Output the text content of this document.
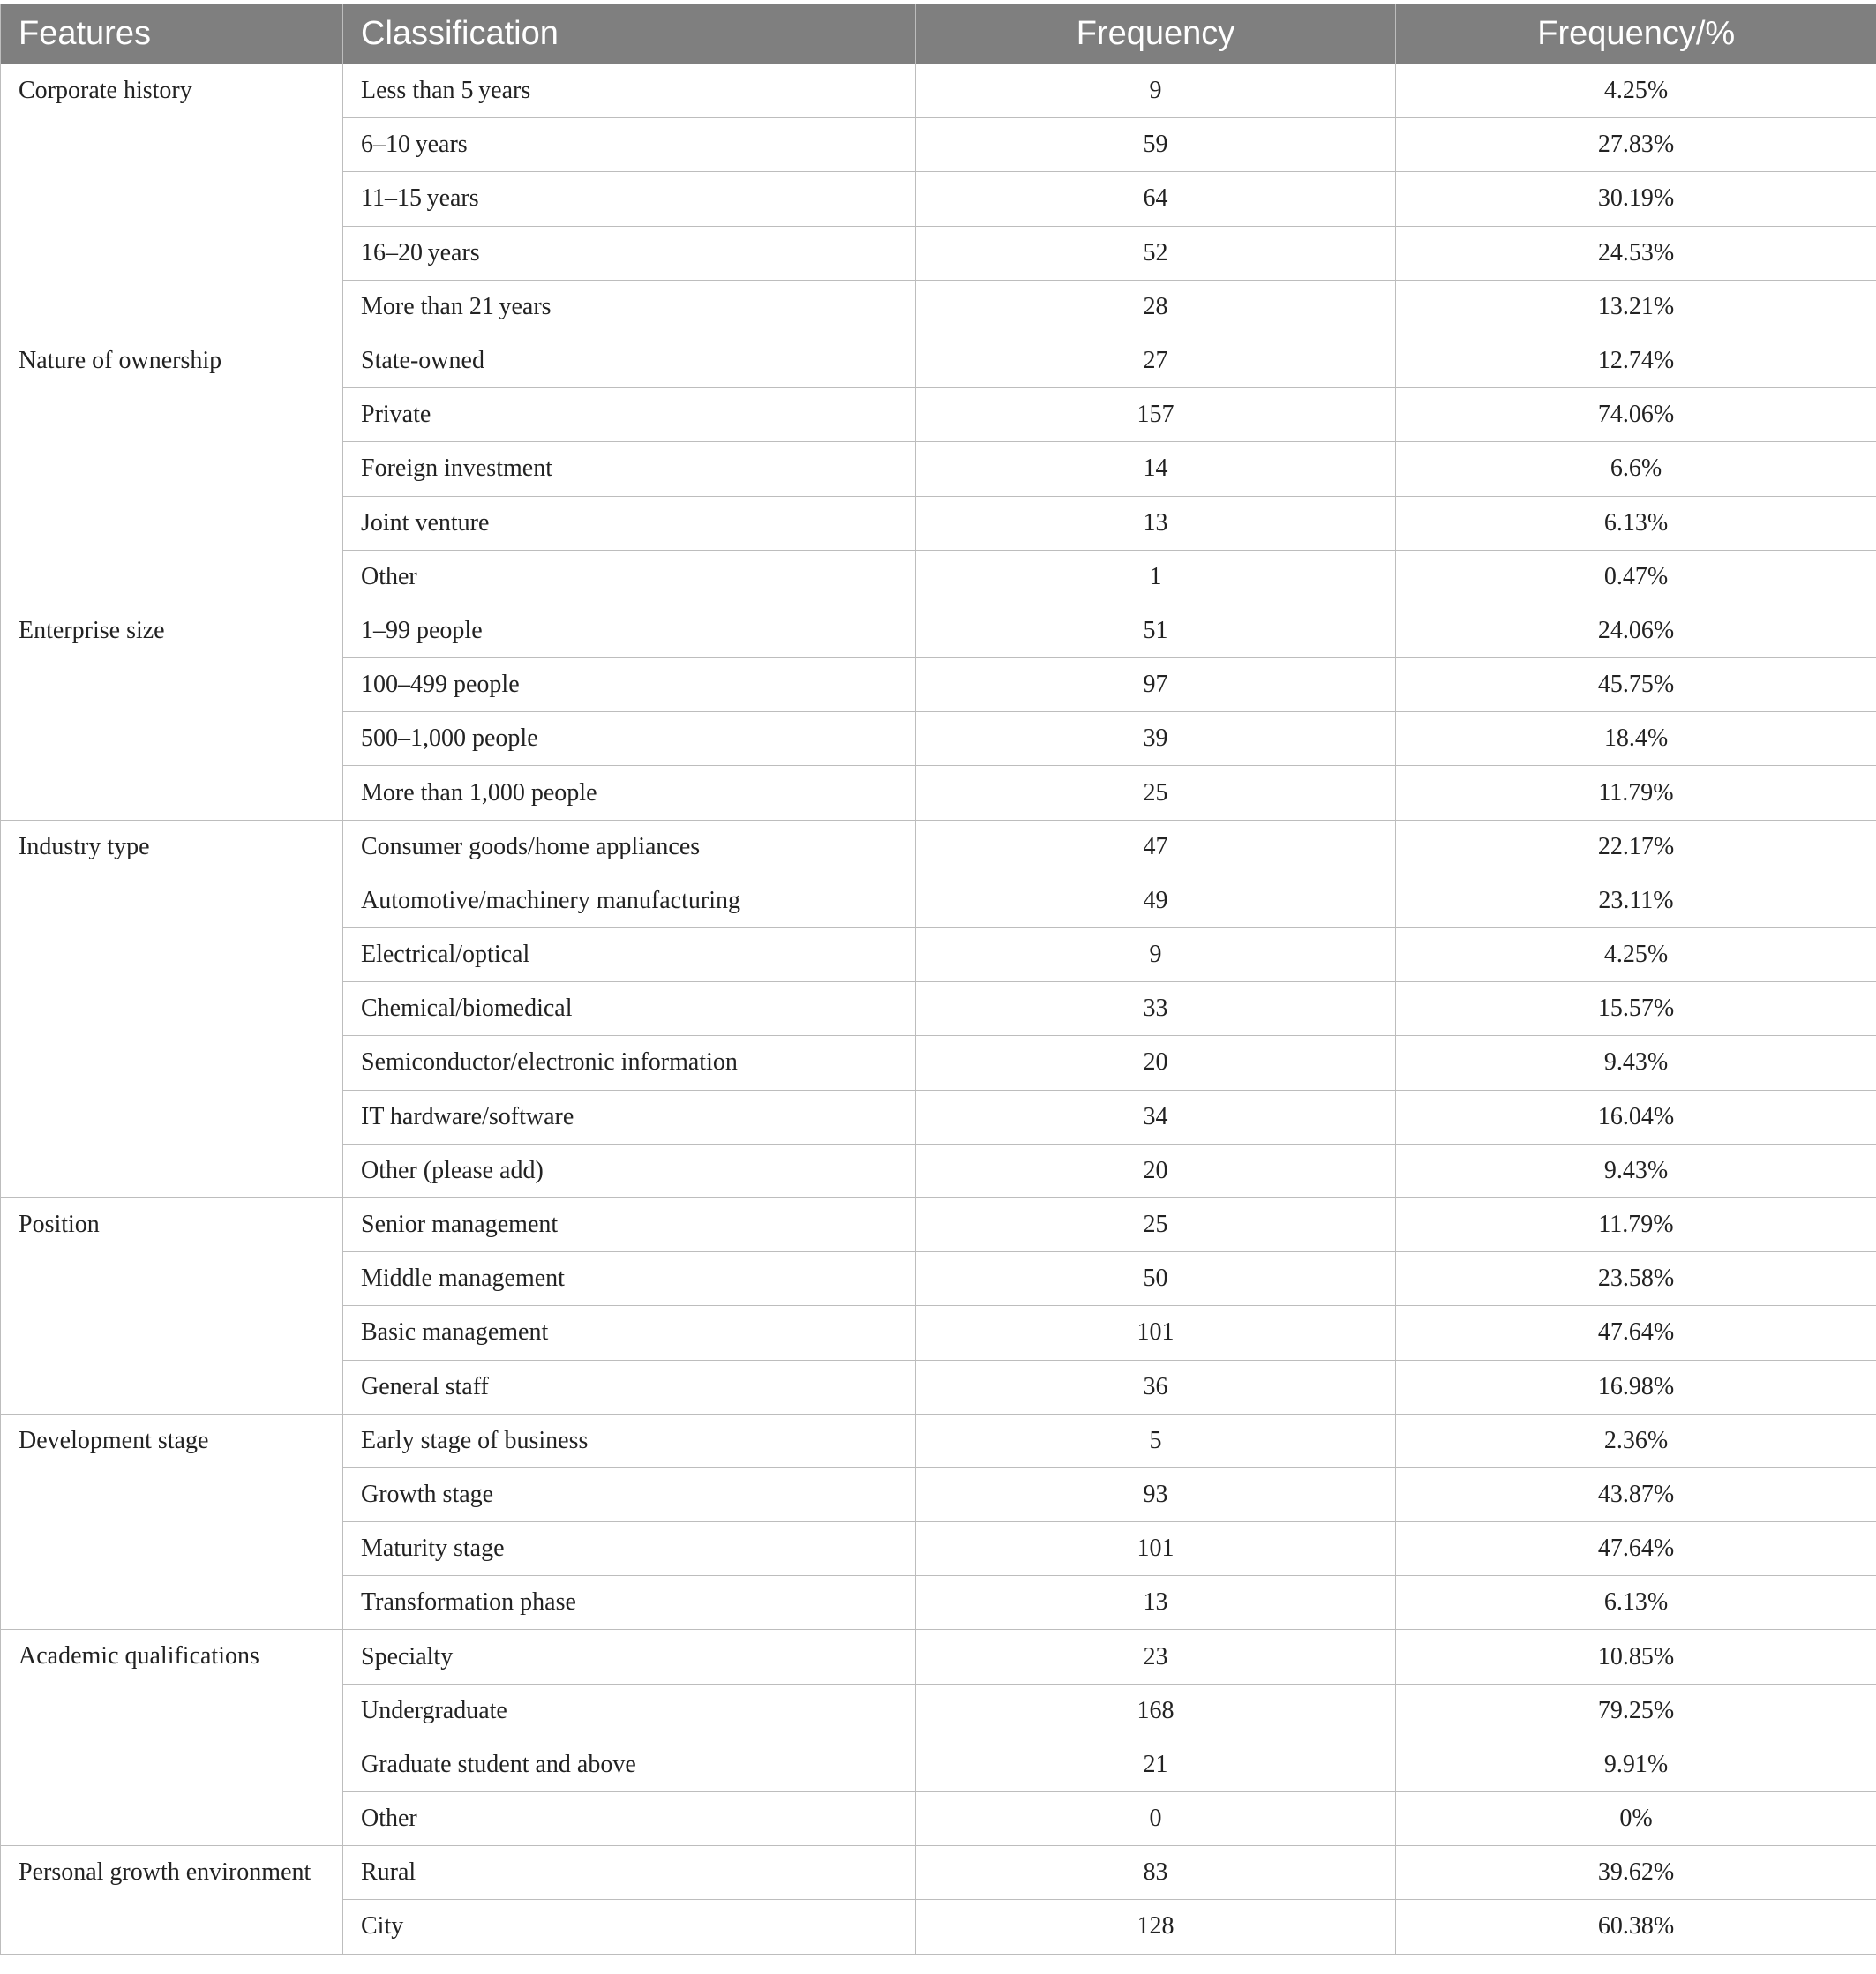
Features	Classification	Frequency	Frequency/%
Corporate history	Less than 5 years	9	4.25%
	6–10 years	59	27.83%
	11–15 years	64	30.19%
	16–20 years	52	24.53%
	More than 21 years	28	13.21%
Nature of ownership	State-owned	27	12.74%
	Private	157	74.06%
	Foreign investment	14	6.6%
	Joint venture	13	6.13%
	Other	1	0.47%
Enterprise size	1–99 people	51	24.06%
	100–499 people	97	45.75%
	500–1,000 people	39	18.4%
	More than 1,000 people	25	11.79%
Industry type	Consumer goods/home appliances	47	22.17%
	Automotive/machinery manufacturing	49	23.11%
	Electrical/optical	9	4.25%
	Chemical/biomedical	33	15.57%
	Semiconductor/electronic information	20	9.43%
	IT hardware/software	34	16.04%
	Other (please add)	20	9.43%
Position	Senior management	25	11.79%
	Middle management	50	23.58%
	Basic management	101	47.64%
	General staff	36	16.98%
Development stage	Early stage of business	5	2.36%
	Growth stage	93	43.87%
	Maturity stage	101	47.64%
	Transformation phase	13	6.13%
Academic qualifications	Specialty	23	10.85%
	Undergraduate	168	79.25%
	Graduate student and above	21	9.91%
	Other	0	0%
Personal growth environment	Rural	83	39.62%
	City	128	60.38%
